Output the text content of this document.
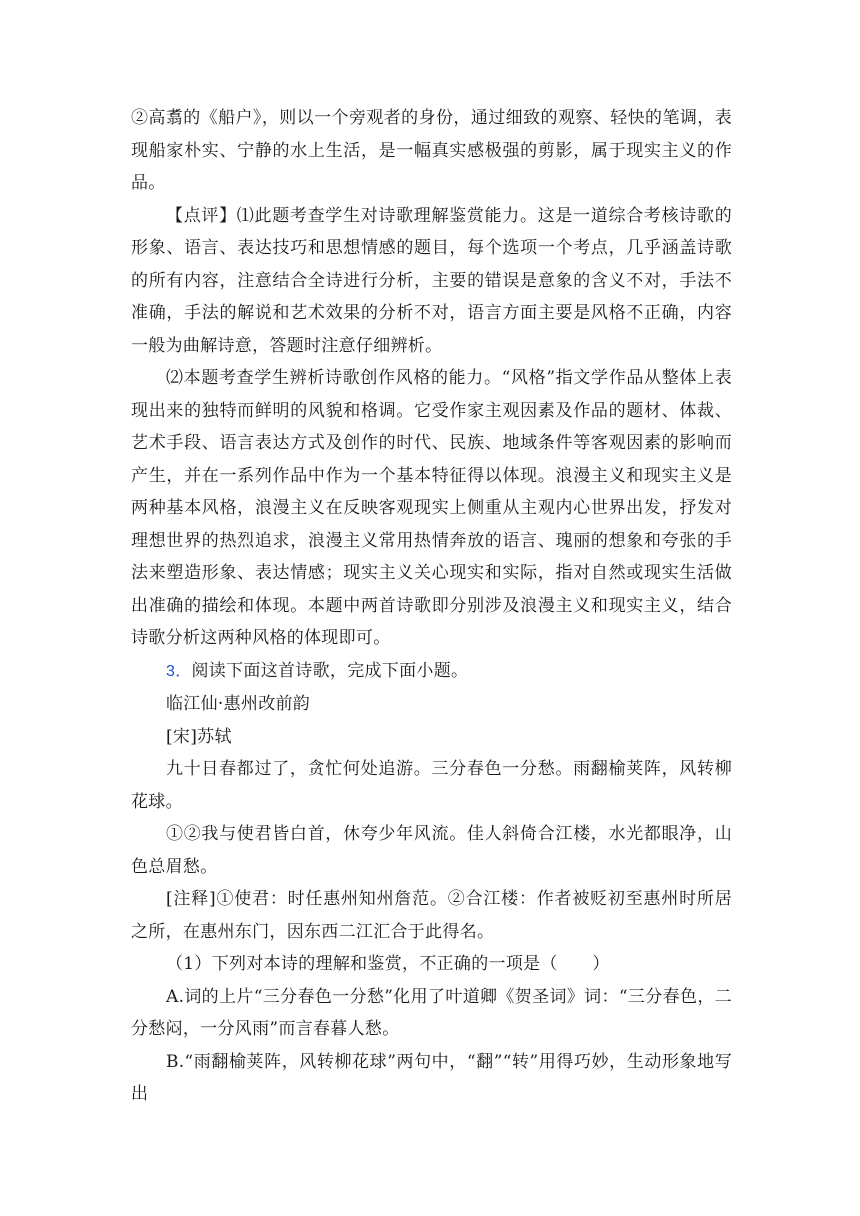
②高翥的《船户》，则以一个旁观者的身份，通过细致的观察、轻快的笔调，表现船家朴实、宁静的水上生活，是一幅真实感极强的剪影，属于现实主义的作品。

【点评】⑴此题考查学生对诗歌理解鉴赏能力。这是一道综合考核诗歌的形象、语言、表达技巧和思想情感的题目，每个选项一个考点，几乎涵盖诗歌的所有内容，注意结合全诗进行分析，主要的错误是意象的含义不对，手法不准确，手法的解说和艺术效果的分析不对，语言方面主要是风格不正确，内容一般为曲解诗意，答题时注意仔细辨析。

⑵本题考查学生辨析诗歌创作风格的能力。“风格”指文学作品从整体上表现出来的独特而鲜明的风貌和格调。它受作家主观因素及作品的题材、体裁、艺术手段、语言表达方式及创作的时代、民族、地域条件等客观因素的影响而产生，并在一系列作品中作为一个基本特征得以体现。浪漫主义和现实主义是两种基本风格，浪漫主义在反映客观现实上侧重从主观内心世界出发，抒发对理想世界的热烈追求，浪漫主义常用热情奔放的语言、瑰丽的想象和夸张的手法来塑造形象、表达情感；现实主义关心现实和实际，指对自然或现实生活做出准确的描绘和体现。本题中两首诗歌即分别涉及浪漫主义和现实主义，结合诗歌分析这两种风格的体现即可。

3．阅读下面这首诗歌，完成下面小题。

临江仙·惠州改前韵

[宋]苏轼

九十日春都过了，贪忙何处追游。三分春色一分愁。雨翻榆荚阵，风转柳花球。

①②我与使君皆白首，休夸少年风流。佳人斜倚合江楼，水光都眼净，山色总眉愁。

[注释]①使君：时任惠州知州詹范。②合江楼：作者被贬初至惠州时所居之所，在惠州东门，因东西二江汇合于此得名。

（1）下列对本诗的理解和鉴赏，不正确的一项是（　　）

A.词的上片“三分春色一分愁”化用了叶道卿《贺圣词》词：“三分春色，二分愁闷，一分风雨”而言春暮人愁。

B.“雨翻榆荚阵，风转柳花球”两句中，“翻”“转”用得巧妙，生动形象地写出
